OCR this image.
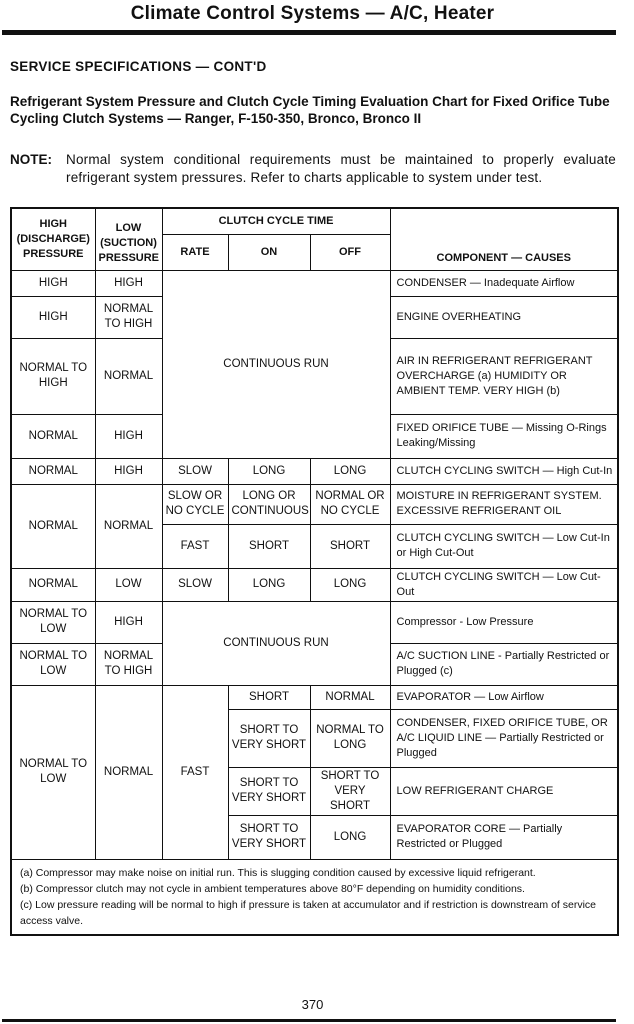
Climate Control Systems — A/C, Heater
SERVICE SPECIFICATIONS — CONT'D
Refrigerant System Pressure and Clutch Cycle Timing Evaluation Chart for Fixed Orifice Tube Cycling Clutch Systems — Ranger, F-150-350, Bronco, Bronco II
NOTE: Normal system conditional requirements must be maintained to properly evaluate refrigerant system pressures. Refer to charts applicable to system under test.
HIGH (DISCHARGE) PRESSURE	LOW (SUCTION) PRESSURE	CLUTCH CYCLE TIME			COMPONENT — CAUSES
		RATE	ON	OFF	
HIGH	HIGH	CONTINUOUS RUN			CONDENSER — Inadequate Airflow
HIGH	NORMAL TO HIGH				ENGINE OVERHEATING
NORMAL TO HIGH	NORMAL				AIR IN REFRIGERANT REFRIGERANT OVERCHARGE (a) HUMIDITY OR AMBIENT TEMP. VERY HIGH (b)
NORMAL	HIGH				FIXED ORIFICE TUBE — Missing O-Rings Leaking/Missing
NORMAL	HIGH	SLOW	LONG	LONG	CLUTCH CYCLING SWITCH — High Cut-In
NORMAL	NORMAL	SLOW OR NO CYCLE	LONG OR CONTINUOUS	NORMAL OR NO CYCLE	MOISTURE IN REFRIGERANT SYSTEM. EXCESSIVE REFRIGERANT OIL
		FAST	SHORT	SHORT	CLUTCH CYCLING SWITCH — Low Cut-In or High Cut-Out
NORMAL	LOW	SLOW	LONG	LONG	CLUTCH CYCLING SWITCH — Low Cut-Out
NORMAL TO LOW	HIGH	CONTINUOUS RUN			Compressor - Low Pressure
NORMAL TO LOW	NORMAL TO HIGH				A/C SUCTION LINE - Partially Restricted or Plugged (c)
NORMAL TO LOW	NORMAL	FAST	SHORT	NORMAL	EVAPORATOR — Low Airflow
			SHORT TO VERY SHORT	NORMAL TO LONG	CONDENSER, FIXED ORIFICE TUBE, OR A/C LIQUID LINE — Partially Restricted or Plugged
			SHORT TO VERY SHORT	SHORT TO VERY SHORT	LOW REFRIGERANT CHARGE
			SHORT TO VERY SHORT	LONG	EVAPORATOR CORE — Partially Restricted or Plugged

(a) Compressor may make noise on initial run. This is slugging condition caused by excessive liquid refrigerant.
(b) Compressor clutch may not cycle in ambient temperatures above 80°F depending on humidity conditions.
(c) Low pressure reading will be normal to high if pressure is taken at accumulator and if restriction is downstream of service access valve.					
370
